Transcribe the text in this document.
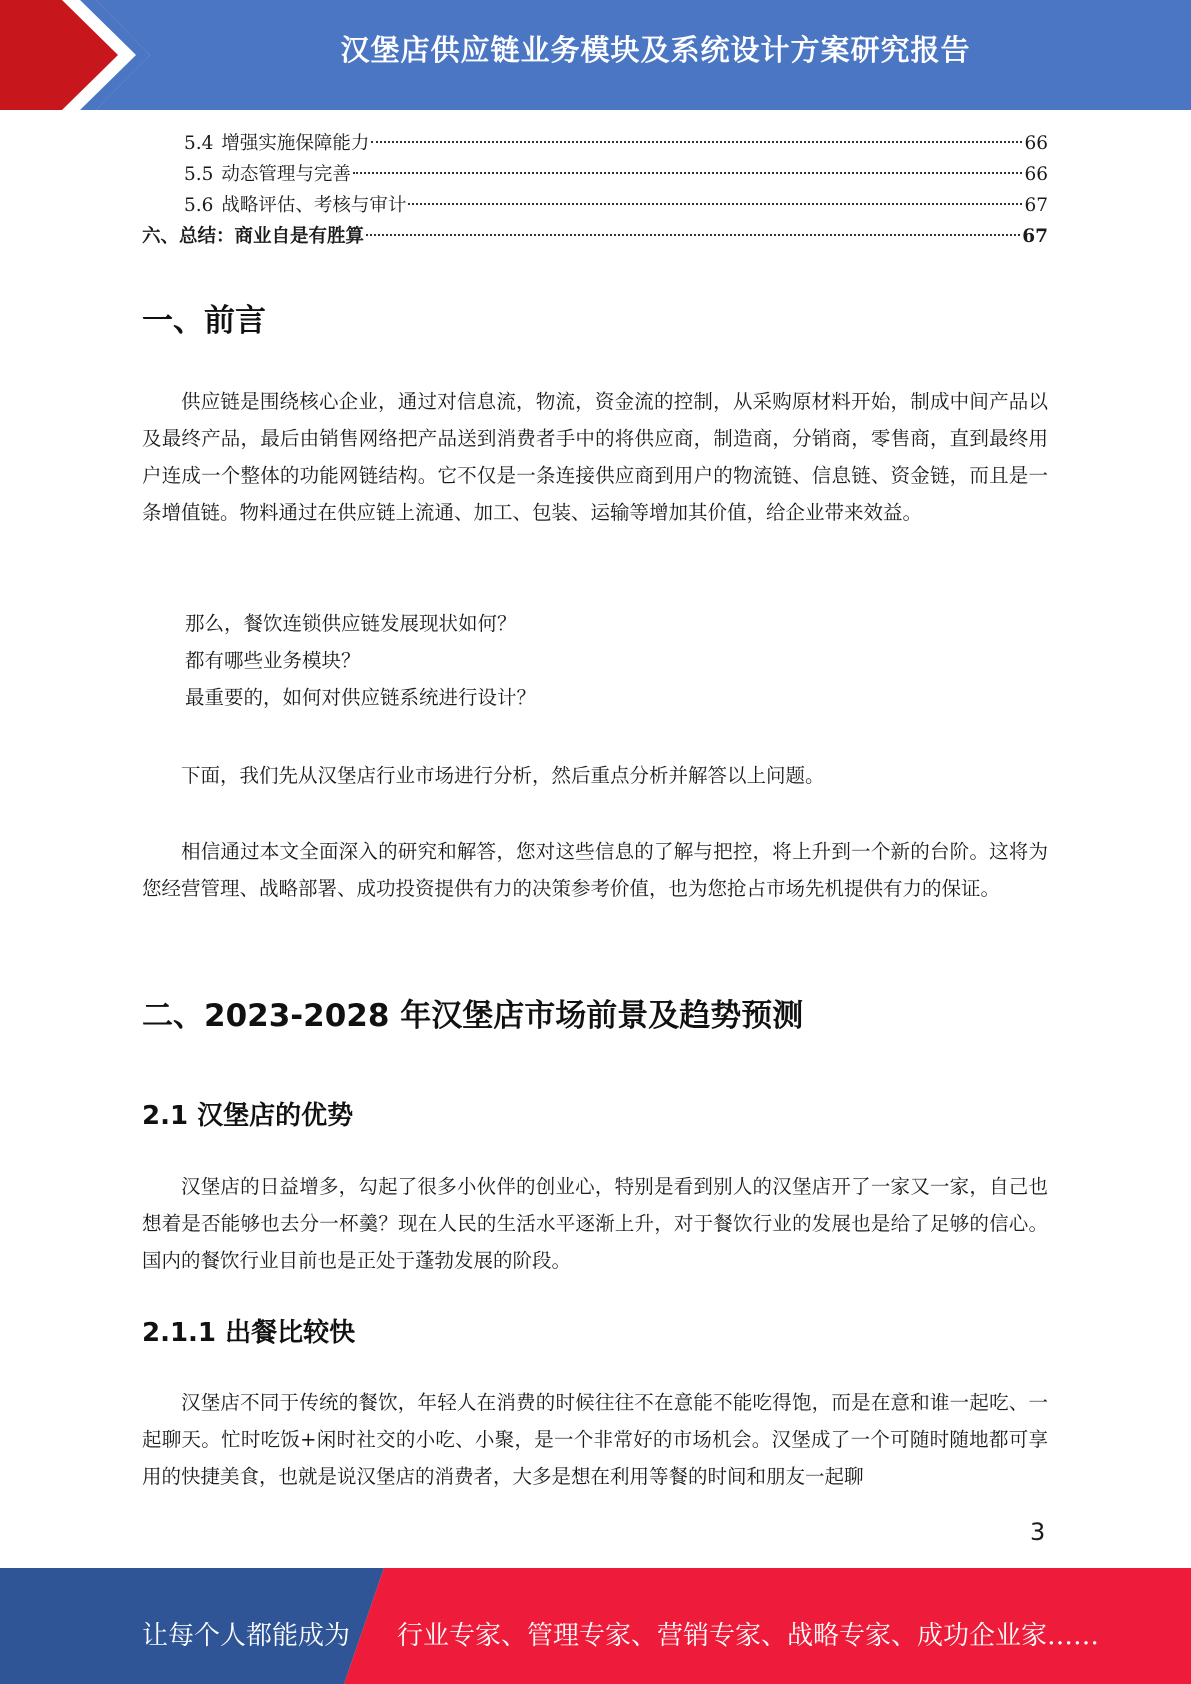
汉堡店供应链业务模块及系统设计方案研究报告
5.4 增强实施保障能力	66
5.5 动态管理与完善	66
5.6 战略评估、考核与审计	67
六、总结：商业自是有胜算	67
一、前言

供应链是围绕核心企业，通过对信息流，物流，资金流的控制，从采购原材料开始，制成中间产品以及最终产品，最后由销售网络把产品送到消费者手中的将供应商，制造商，分销商，零售商，直到最终用户连成一个整体的功能网链结构。它不仅是一条连接供应商到用户的物流链、信息链、资金链，而且是一条增值链。物料通过在供应链上流通、加工、包装、运输等增加其价值，给企业带来效益。

那么，餐饮连锁供应链发展现状如何？
都有哪些业务模块？
最重要的，如何对供应链系统进行设计？

下面，我们先从汉堡店行业市场进行分析，然后重点分析并解答以上问题。

相信通过本文全面深入的研究和解答，您对这些信息的了解与把控，将上升到一个新的台阶。这将为您经营管理、战略部署、成功投资提供有力的决策参考价值，也为您抢占市场先机提供有力的保证。

二、2023-2028 年汉堡店市场前景及趋势预测
2.1 汉堡店的优势

汉堡店的日益增多，勾起了很多小伙伴的创业心，特别是看到别人的汉堡店开了一家又一家，自己也想着是否能够也去分一杯羹？现在人民的生活水平逐渐上升，对于餐饮行业的发展也是给了足够的信心。国内的餐饮行业目前也是正处于蓬勃发展的阶段。

2.1.1 出餐比较快

汉堡店不同于传统的餐饮，年轻人在消费的时候往往不在意能不能吃得饱，而是在意和谁一起吃、一起聊天。忙时吃饭+闲时社交的小吃、小聚，是一个非常好的市场机会。汉堡成了一个可随时随地都可享用的快捷美食，也就是说汉堡店的消费者，大多是想在利用等餐的时间和朋友一起聊

3
让每个人都能成为 行业专家、管理专家、营销专家、战略专家、成功企业家……
